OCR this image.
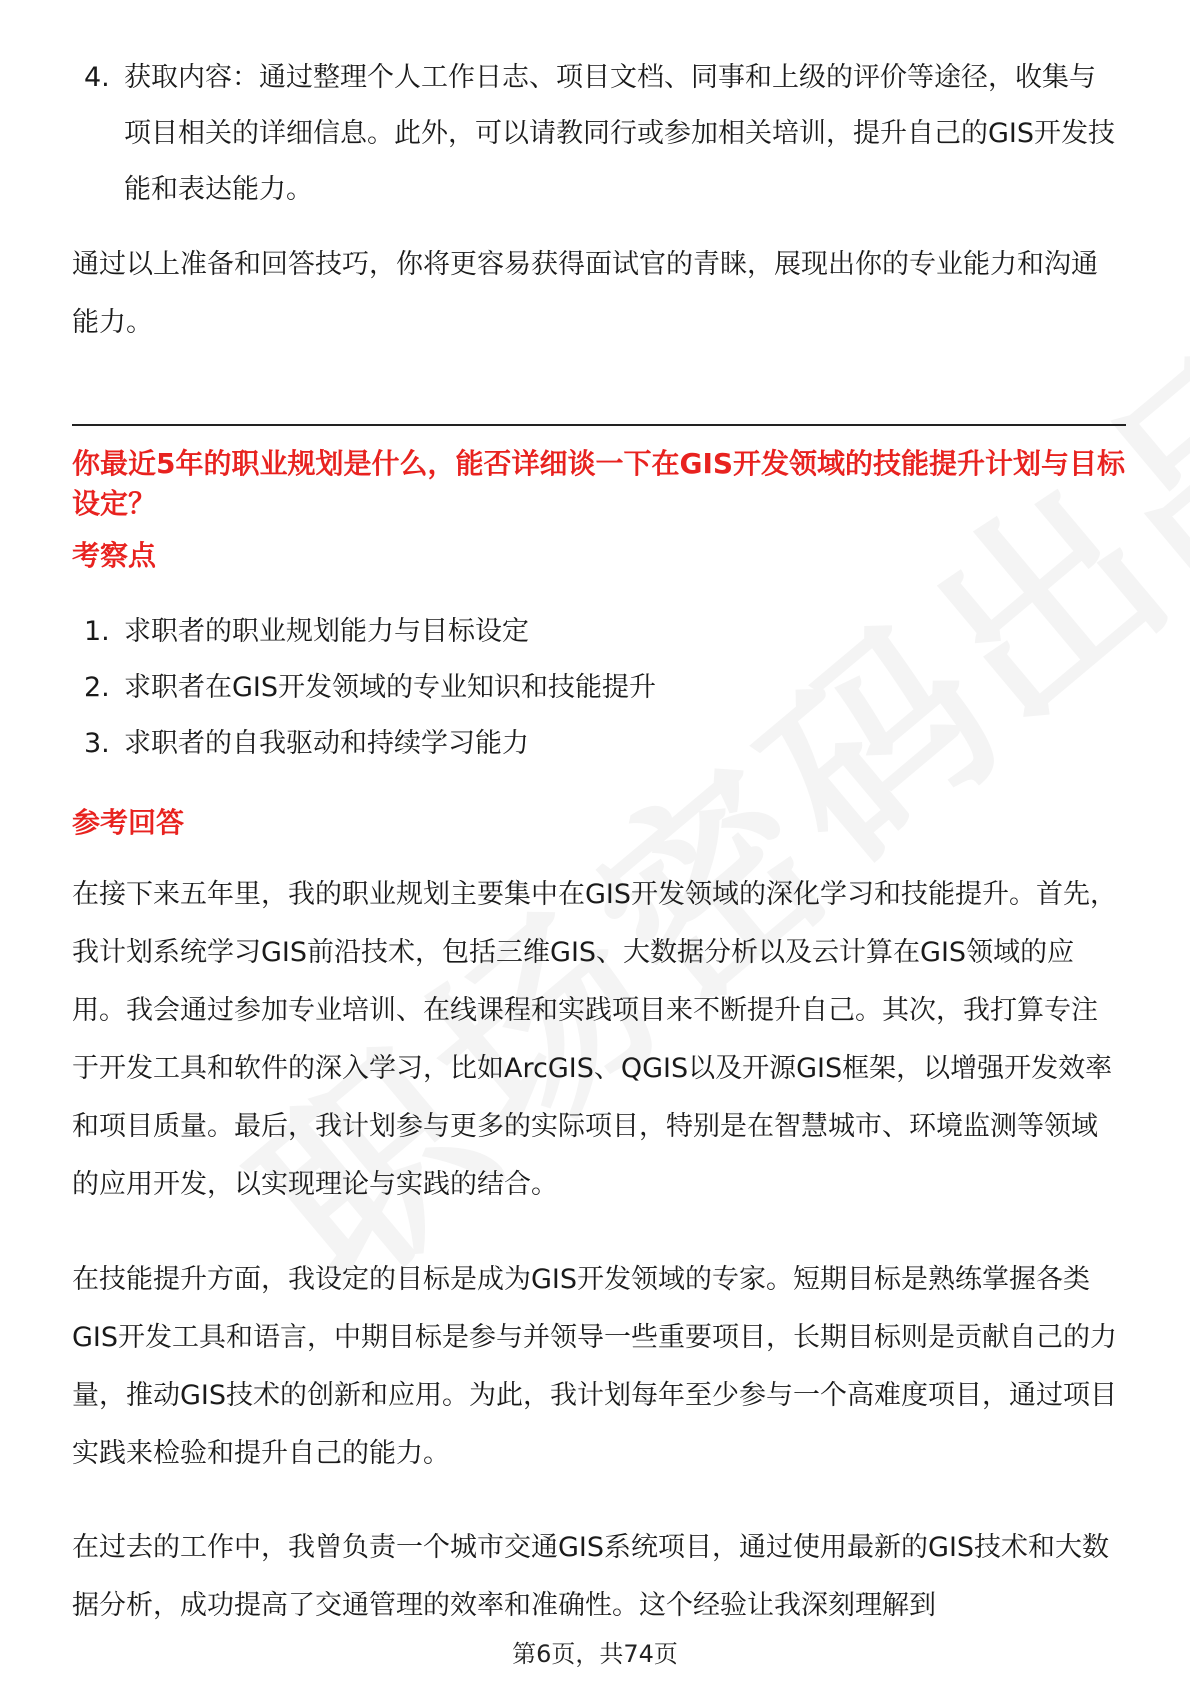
4. 获取内容：通过整理个人工作日志、项目文档、同事和上级的评价等途径，收集与项目相关的详细信息。此外，可以请教同行或参加相关培训，提升自己的GIS开发技能和表达能力。

通过以上准备和回答技巧，你将更容易获得面试官的青睐，展现出你的专业能力和沟通能力。

你最近5年的职业规划是什么，能否详细谈一下在GIS开发领域的技能提升计划与目标设定？
考察点
1. 求职者的职业规划能力与目标设定
2. 求职者在GIS开发领域的专业知识和技能提升
3. 求职者的自我驱动和持续学习能力
参考回答

在接下来五年里，我的职业规划主要集中在GIS开发领域的深化学习和技能提升。首先，我计划系统学习GIS前沿技术，包括三维GIS、大数据分析以及云计算在GIS领域的应用。我会通过参加专业培训、在线课程和实践项目来不断提升自己。其次，我打算专注于开发工具和软件的深入学习，比如ArcGIS、QGIS以及开源GIS框架，以增强开发效率和项目质量。最后，我计划参与更多的实际项目，特别是在智慧城市、环境监测等领域的应用开发，以实现理论与实践的结合。

在技能提升方面，我设定的目标是成为GIS开发领域的专家。短期目标是熟练掌握各类GIS开发工具和语言，中期目标是参与并领导一些重要项目，长期目标则是贡献自己的力量，推动GIS技术的创新和应用。为此，我计划每年至少参与一个高难度项目，通过项目实践来检验和提升自己的能力。

在过去的工作中，我曾负责一个城市交通GIS系统项目，通过使用最新的GIS技术和大数据分析，成功提高了交通管理的效率和准确性。这个经验让我深刻理解到

第6页，共74页
